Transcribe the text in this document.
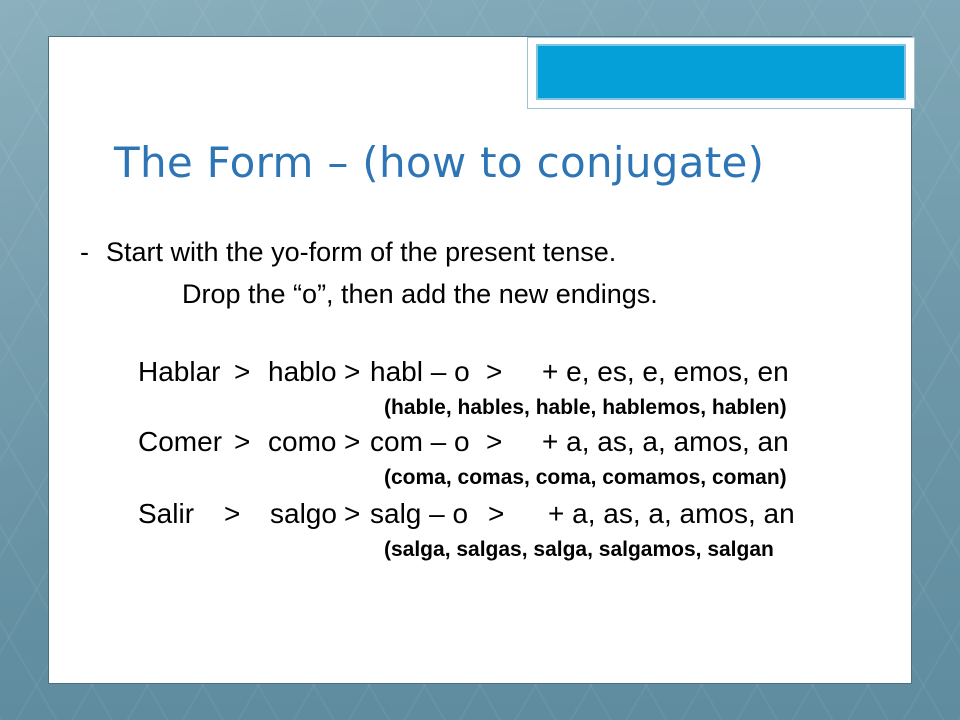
The Form – (how to conjugate)

- Start with the yo-form of the present tense.

Drop the “o”, then add the new endings.

Hablar > hablo > habl – o > + e, es, e, emos, en

(hable, hables, hable, hablemos, hablen)

Comer > como > com – o > + a, as, a, amos, an

(coma, comas, coma, comamos, coman)

Salir > salgo > salg – o > + a, as, a, amos, an

(salga, salgas, salga, salgamos, salgan
